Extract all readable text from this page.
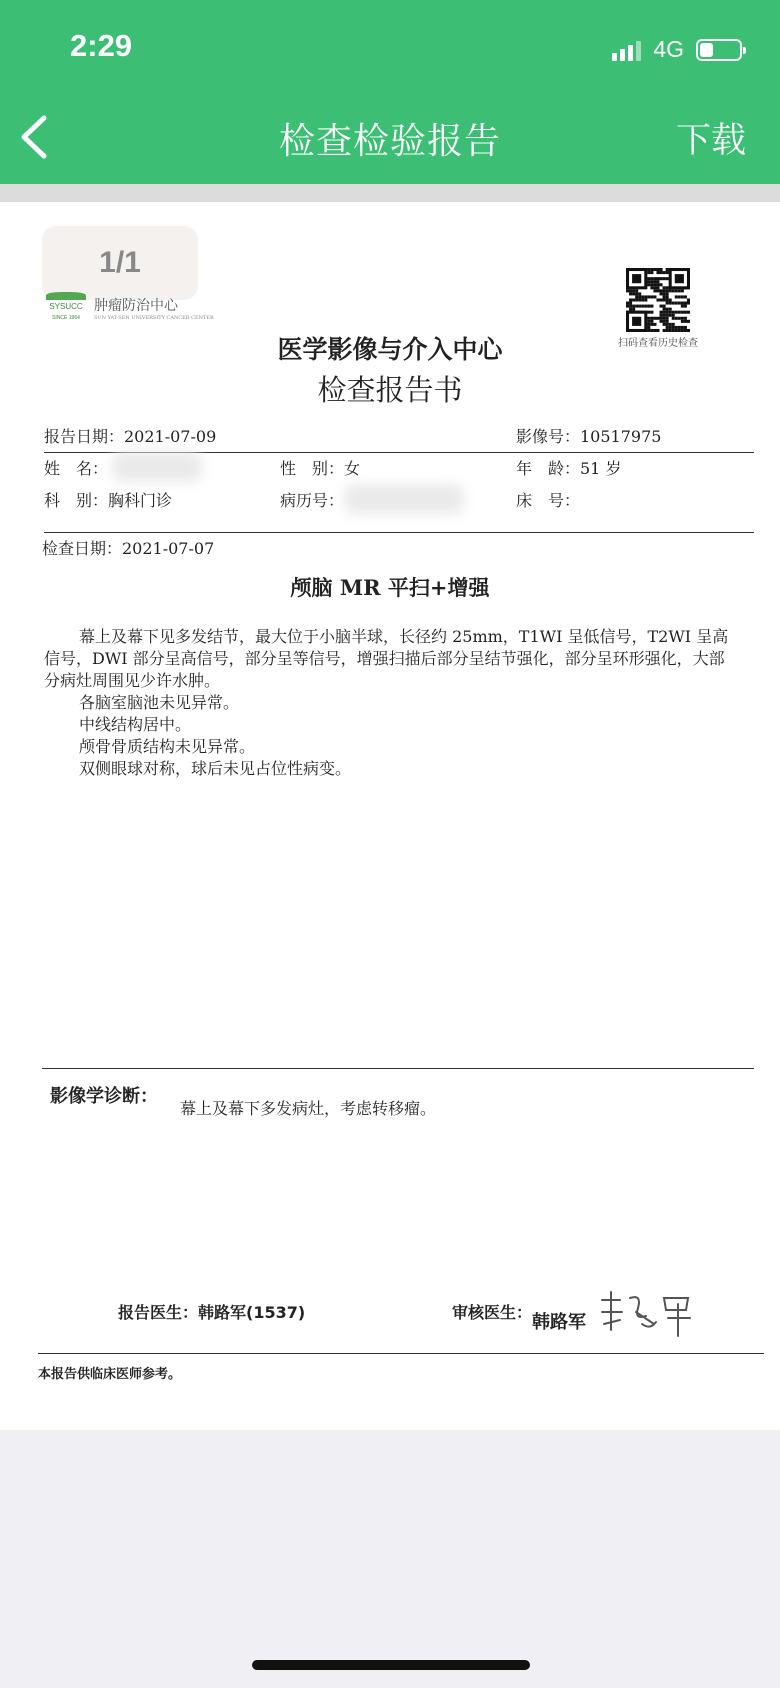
2:29	4G
检查检验报告	下载
1/1
SYSUCC
SINCE 1964
肿瘤防治中心
SUN YAT-SEN UNIVERSITY CANCER CENTER
扫码查看历史检查
医学影像与介入中心
检查报告书
报告日期：2021-07-09	影像号：10517975
姓　名：	性　别：女	年　龄：51 岁
科　别：胸科门诊	病历号：	床　号：
检查日期：2021-07-07
颅脑 MR 平扫+增强

幕上及幕下见多发结节，最大位于小脑半球，长径约 25mm，T1WI 呈低信号，T2WI 呈高信号，DWI 部分呈高信号，部分呈等信号，增强扫描后部分呈结节强化，部分呈环形强化，大部分病灶周围见少许水肿。

各脑室脑池未见异常。

中线结构居中。

颅骨骨质结构未见异常。

双侧眼球对称，球后未见占位性病变。

影像学诊断：
幕上及幕下多发病灶，考虑转移瘤。
报告医生：韩路军(1537)	审核医生： 韩路军
本报告供临床医师参考。
